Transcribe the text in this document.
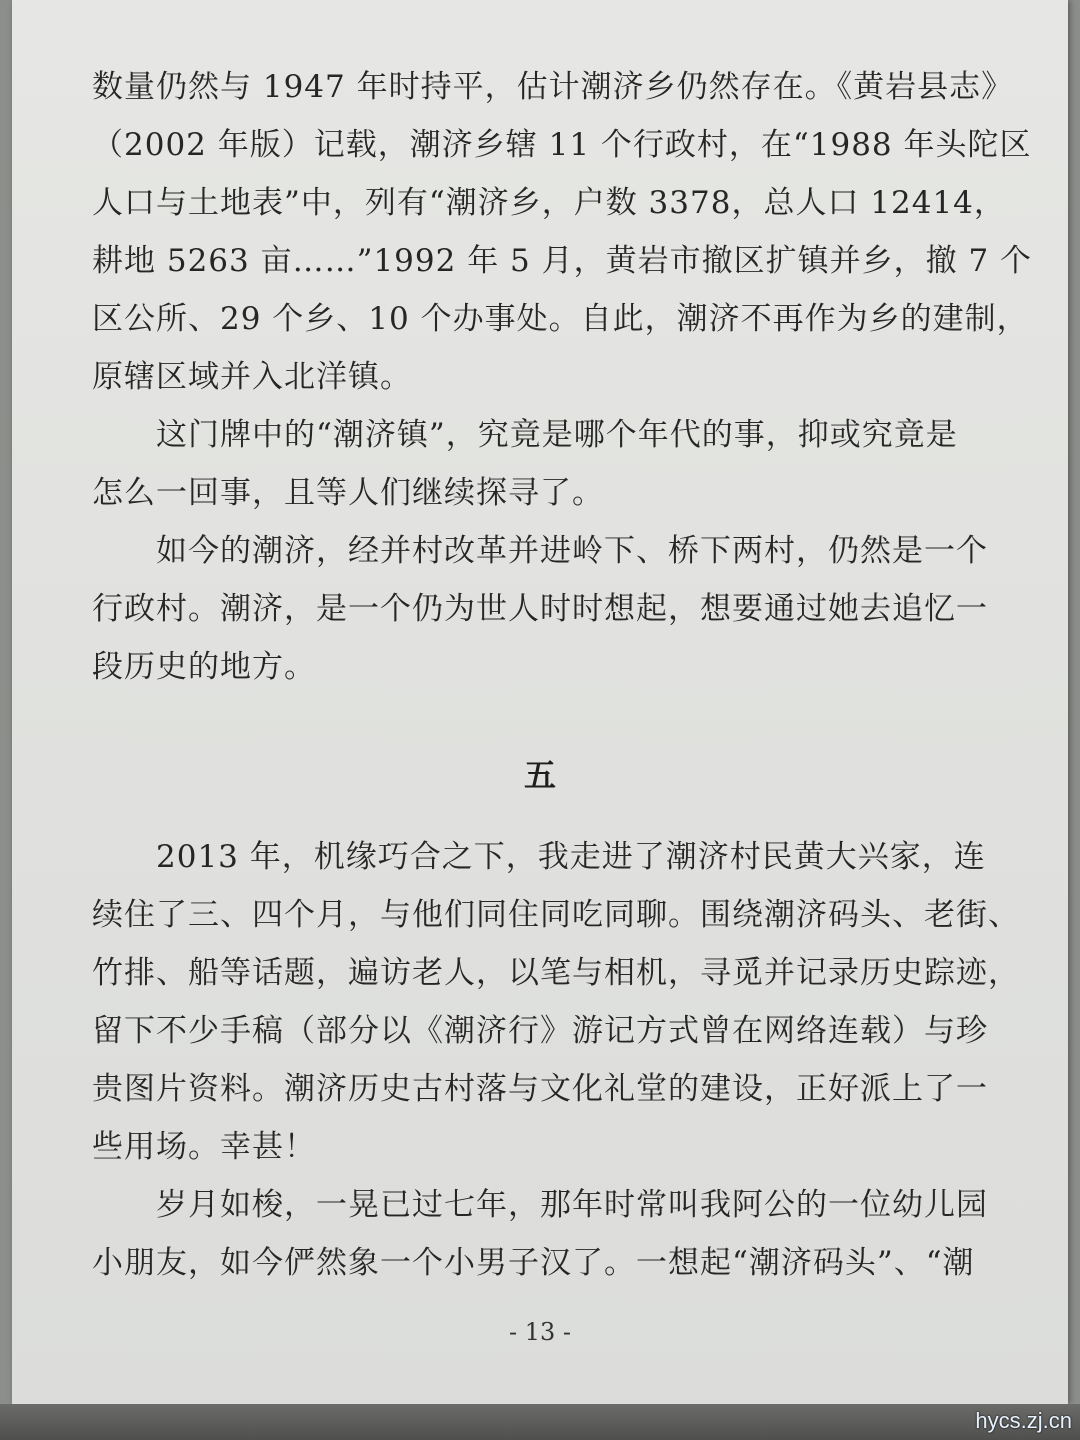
数量仍然与 1947 年时持平，估计潮济乡仍然存在。《黄岩县志》
（2002 年版）记载，潮济乡辖 11 个行政村，在“1988 年头陀区
人口与土地表”中，列有“潮济乡，户数 3378，总人口 12414，
耕地 5263 亩……”1992 年 5 月，黄岩市撤区扩镇并乡，撤 7 个
区公所、29 个乡、10 个办事处。自此，潮济不再作为乡的建制，
原辖区域并入北洋镇。
这门牌中的“潮济镇”，究竟是哪个年代的事，抑或究竟是
怎么一回事，且等人们继续探寻了。
如今的潮济，经并村改革并进岭下、桥下两村，仍然是一个
行政村。潮济，是一个仍为世人时时想起，想要通过她去追忆一
段历史的地方。
五
2013 年，机缘巧合之下，我走进了潮济村民黄大兴家，连
续住了三、四个月，与他们同住同吃同聊。围绕潮济码头、老街、
竹排、船等话题，遍访老人，以笔与相机，寻觅并记录历史踪迹，
留下不少手稿（部分以《潮济行》游记方式曾在网络连载）与珍
贵图片资料。潮济历史古村落与文化礼堂的建设，正好派上了一
些用场。幸甚！
岁月如梭，一晃已过七年，那年时常叫我阿公的一位幼儿园
小朋友，如今俨然象一个小男子汉了。一想起“潮济码头”、“潮
- 13 -
hycs.zj.cn
